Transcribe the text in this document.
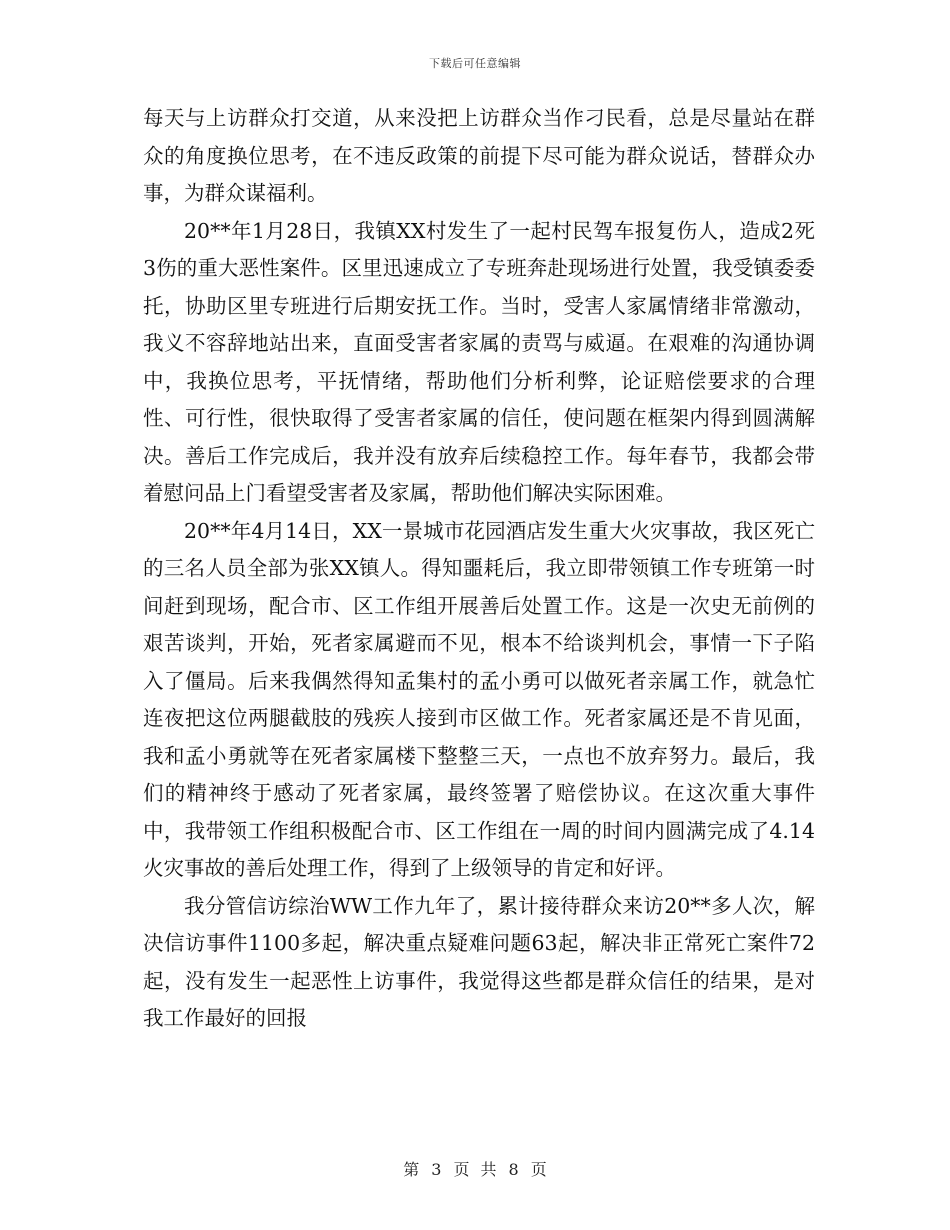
下载后可任意编辑

每天与上访群众打交道，从来没把上访群众当作刁民看，总是尽量站在群众的角度换位思考，在不违反政策的前提下尽可能为群众说话，替群众办事，为群众谋福利。

20**年1月28日，我镇XX村发生了一起村民驾车报复伤人，造成2死3伤的重大恶性案件。区里迅速成立了专班奔赴现场进行处置，我受镇委委托，协助区里专班进行后期安抚工作。当时，受害人家属情绪非常激动，我义不容辞地站出来，直面受害者家属的责骂与威逼。在艰难的沟通协调中，我换位思考，平抚情绪，帮助他们分析利弊，论证赔偿要求的合理性、可行性，很快取得了受害者家属的信任，使问题在框架内得到圆满解决。善后工作完成后，我并没有放弃后续稳控工作。每年春节，我都会带着慰问品上门看望受害者及家属，帮助他们解决实际困难。

20**年4月14日，XX一景城市花园酒店发生重大火灾事故，我区死亡的三名人员全部为张XX镇人。得知噩耗后，我立即带领镇工作专班第一时间赶到现场，配合市、区工作组开展善后处置工作。这是一次史无前例的艰苦谈判，开始，死者家属避而不见，根本不给谈判机会，事情一下子陷入了僵局。后来我偶然得知孟集村的孟小勇可以做死者亲属工作，就急忙连夜把这位两腿截肢的残疾人接到市区做工作。死者家属还是不肯见面，我和孟小勇就等在死者家属楼下整整三天，一点也不放弃努力。最后，我们的精神终于感动了死者家属，最终签署了赔偿协议。在这次重大事件中，我带领工作组积极配合市、区工作组在一周的时间内圆满完成了4.14火灾事故的善后处理工作，得到了上级领导的肯定和好评。

我分管信访综治WW工作九年了，累计接待群众来访20**多人次，解决信访事件1100多起，解决重点疑难问题63起，解决非正常死亡案件72起，没有发生一起恶性上访事件，我觉得这些都是群众信任的结果，是对我工作最好的回报

第 3 页 共 8 页
